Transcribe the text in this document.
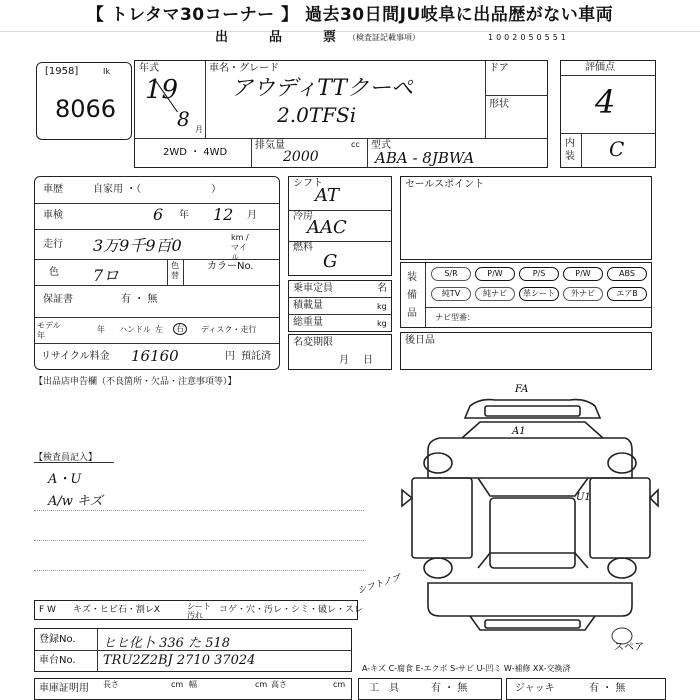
【 トレタマ30コーナー 】 過去30日間JU岐阜に出品歴がない車両
出　品　票
（検査証記載事項）	1002050551
[1958]	Ik
8066
年式
19
8 月
車名・グレード
アウディTTクーペ
2.0TFSi
ドア
形状
2WD ・ 4WD
排気量
2000
cc 型式
ABA - 8JBWA
評価点
4
内装 C
車歴	自家用 ・（　　　　　　　）
車検	6 年 12 月
走行 3万9千9百0	km / マイル
色 7ロ
色替
カラーNo.
保証書	有 ・ 無
モデル年
年 ハンドル 左	右	ディスク・走行
リサイクル料金 16160	円 預託済
シフト
AT
冷房
AAC
燃料
G
乗車定員	名
積載量	kg
総重量	kg
名変期限
月日
セールスポイント
装備品 ナビ型番：
S/R	P/W	P/S	P/W	ABS
純TV	純ナビ	革シート	外ナビ	エアB
後日品
【出品店申告欄（不良箇所・欠品・注意事項等）】
【検査員記入】
A・U
A/w キズ
FA
A1
U1
シフトノブ
スペア
F W キズ・ヒビ石・割レX	シート汚れ
コゲ・穴・汚レ・シミ・破レ・スレ
登録No. ヒヒ化卜 336 た 518
車台No. TRU2Z2BJ 2710 37024
A-キズ C-腐食 E-エクボ S-サビ U-凹ミ W-補修 XX-交換済
車庫証明用 長さ	cm 幅	cm 高さ	cm 工　具	有 ・ 無	ジャッキ	有 ・ 無
